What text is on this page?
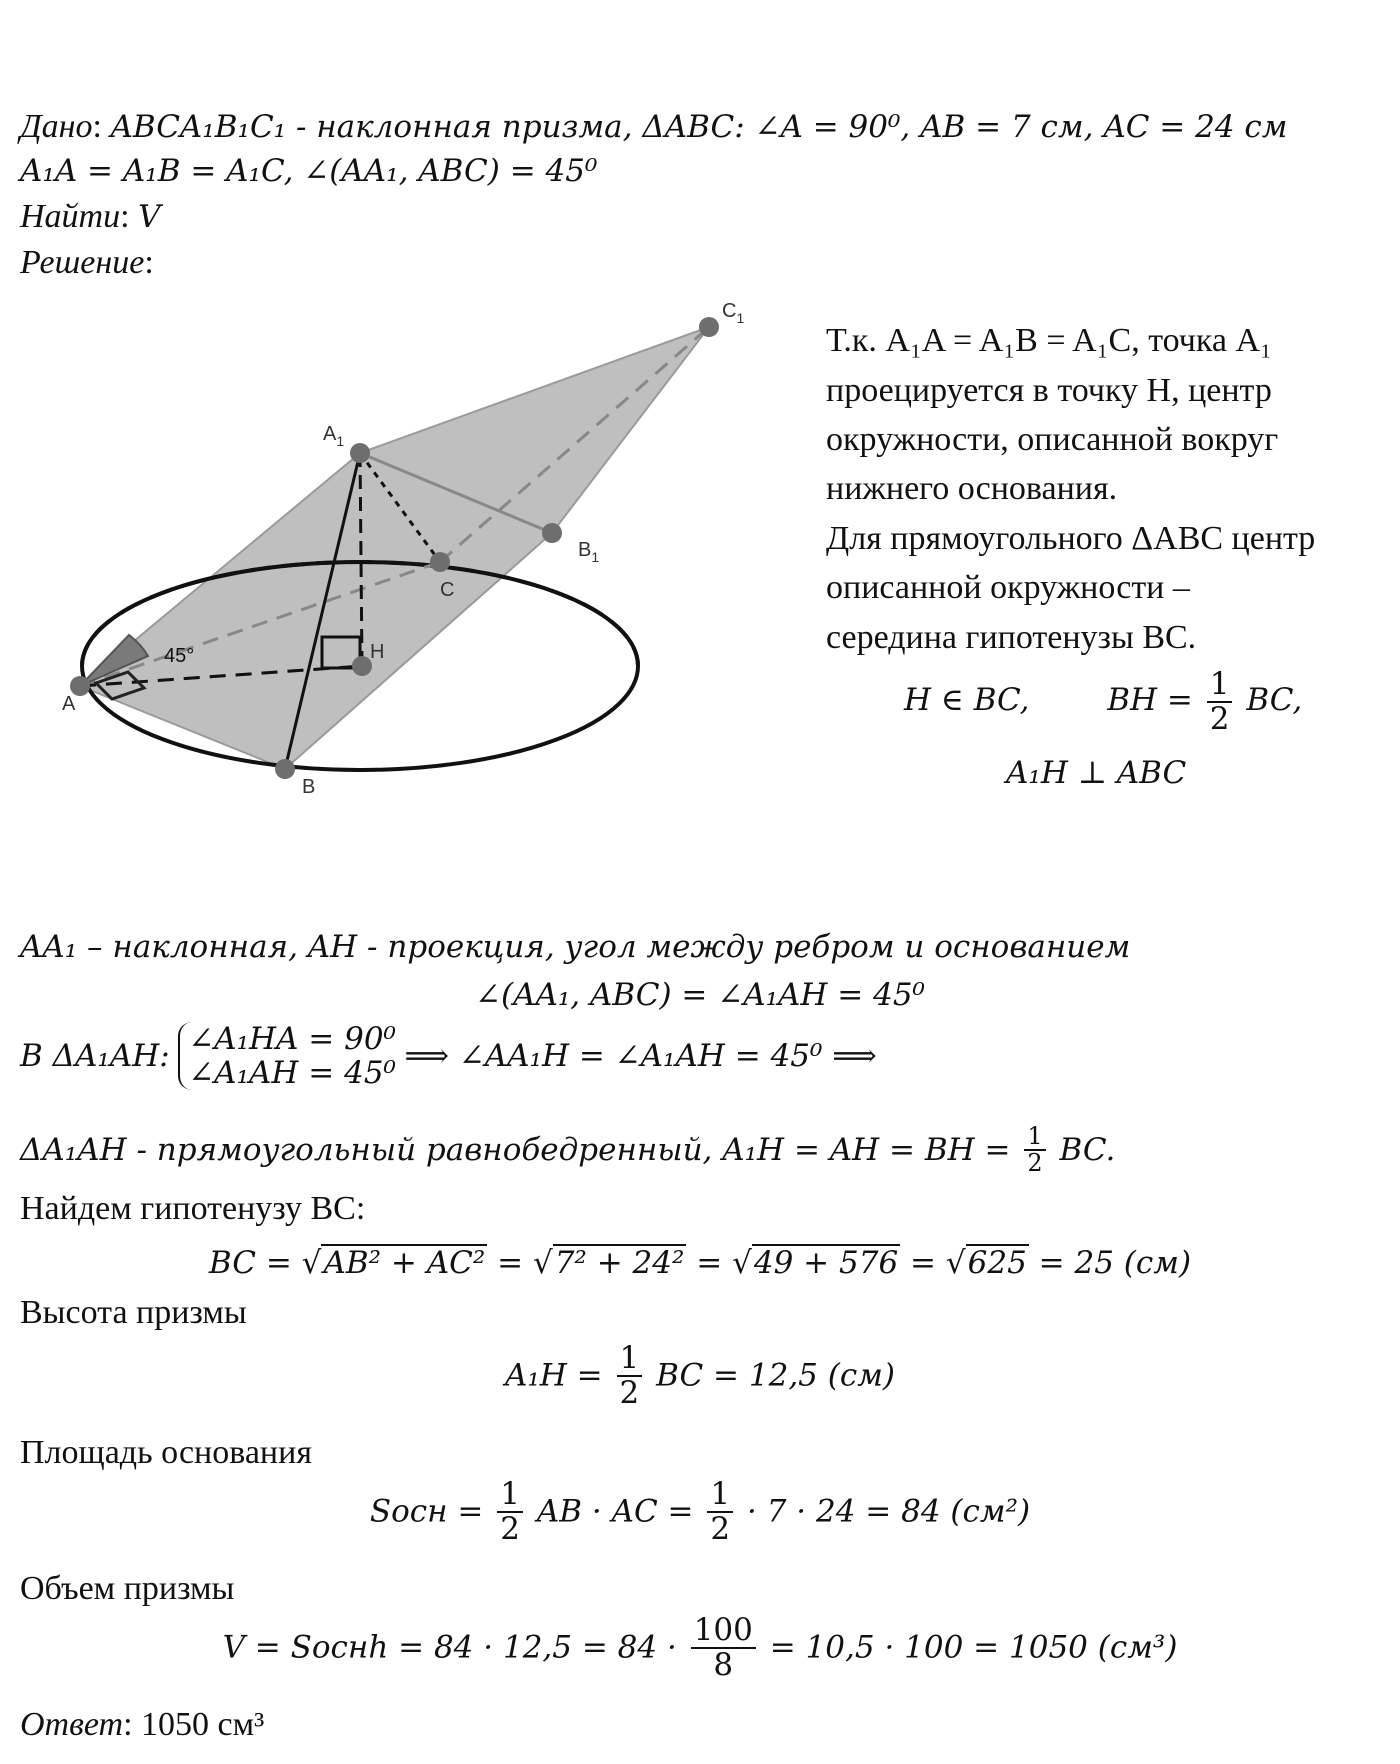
Дано: ABCA₁B₁C₁ - наклонная призма, ΔABC: ∠A = 90⁰, AB = 7 см, AC = 24 см
A₁A = A₁B = A₁C, ∠(AA₁, ABC) = 45⁰
Найти: V
Решение:
45°
A
B
C
H
$A_1$
$B_1$
$C_1$
Т.к. A₁A = A₁B = A₁C, точка A₁
проецируется в точку H, центр
окружности, описанной вокруг
нижнего основания.
Для прямоугольного ΔABC центр
описанной окружности –
середина гипотенузы BC.
H ∈ BC,	BH = $\frac{1}{2}$ BC,
A₁H ⊥ ABC
AA₁ – наклонная, AH - проекция, угол между ребром и основанием
∠(AA₁, ABC) = ∠A₁AH = 45⁰
В ΔA₁AH: ∠A₁HA = 90⁰
∠A₁AH = 45⁰ ⟹ ∠AA₁H = ∠A₁AH = 45⁰ ⟹
ΔA₁AH - прямоугольный равнобедренный, A₁H = AH = BH = $\frac{1}{2}$ BC.
Найдем гипотенузу BC:
BC = √AB² + AC² = √7² + 24² = √49 + 576 = √625 = 25 (см)
Высота призмы
$A_1H = \frac{1}{2}$ BC = 12,5 (см)
Площадь основания
Sосн = $\frac{1}{2}$ AB · AC = $\frac{1}{2} \cdot 7 \cdot 24 = 84$ (см²)
Объем призмы
V = Sоснh = $84 \cdot 12,5 = 84 \cdot \frac{100}{8} = 10,5 \cdot 100 = 1050$ (см³)
Ответ: 1050 см³
